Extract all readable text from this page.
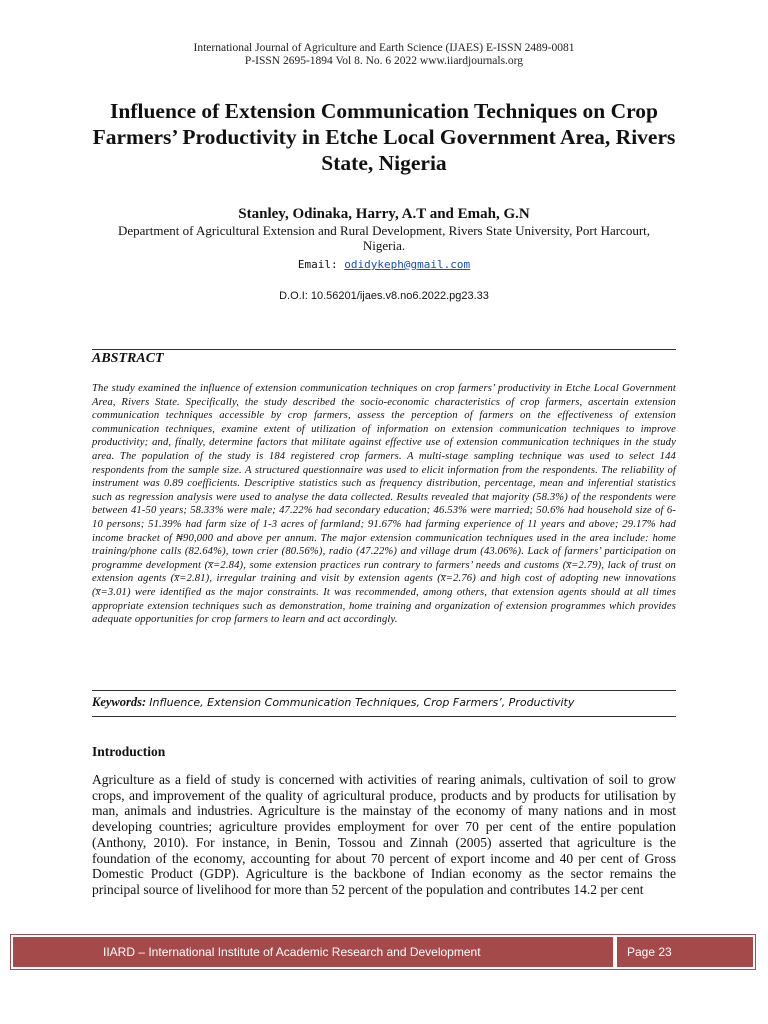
International Journal of Agriculture and Earth Science (IJAES) E-ISSN 2489-0081
P-ISSN 2695-1894 Vol 8. No. 6 2022 www.iiardjournals.org
Influence of Extension Communication Techniques on Crop Farmers’ Productivity in Etche Local Government Area, Rivers State, Nigeria
Stanley, Odinaka, Harry, A.T and Emah, G.N
Department of Agricultural Extension and Rural Development, Rivers State University, Port Harcourt, Nigeria.
Email: odidykeph@gmail.com
D.O.I: 10.56201/ijaes.v8.no6.2022.pg23.33
ABSTRACT

The study examined the influence of extension communication techniques on crop farmers’ productivity in Etche Local Government Area, Rivers State. Specifically, the study described the socio-economic characteristics of crop farmers, ascertain extension communication techniques accessible by crop farmers, assess the perception of farmers on the effectiveness of extension communication techniques, examine extent of utilization of information on extension communication techniques to improve productivity; and, finally, determine factors that militate against effective use of extension communication techniques in the study area. The population of the study is 184 registered crop farmers. A multi-stage sampling technique was used to select 144 respondents from the sample size. A structured questionnaire was used to elicit information from the respondents. The reliability of instrument was 0.89 coefficients. Descriptive statistics such as frequency distribution, percentage, mean and inferential statistics such as regression analysis were used to analyse the data collected. Results revealed that majority (58.3%) of the respondents were between 41-50 years; 58.33% were male; 47.22% had secondary education; 46.53% were married; 50.6% had household size of 6-10 persons; 51.39% had farm size of 1-3 acres of farmland; 91.67% had farming experience of 11 years and above; 29.17% had income bracket of ₦90,000 and above per annum. The major extension communication techniques used in the area include: home training/phone calls (82.64%), town crier (80.56%), radio (47.22%) and village drum (43.06%). Lack of farmers’ participation on programme development (x̅=2.84), some extension practices run contrary to farmers’ needs and customs (x̅=2.79), lack of trust on extension agents (x̅=2.81), irregular training and visit by extension agents (x̅=2.76) and high cost of adopting new innovations (x̅=3.01) were identified as the major constraints. It was recommended, among others, that extension agents should at all times appropriate extension techniques such as demonstration, home training and organization of extension programmes which provides adequate opportunities for crop farmers to learn and act accordingly.

Keywords: Influence, Extension Communication Techniques, Crop Farmers’, Productivity
Introduction

Agriculture as a field of study is concerned with activities of rearing animals, cultivation of soil to grow crops, and improvement of the quality of agricultural produce, products and by products for utilisation by man, animals and industries. Agriculture is the mainstay of the economy of many nations and in most developing countries; agriculture provides employment for over 70 per cent of the entire population (Anthony, 2010). For instance, in Benin, Tossou and Zinnah (2005) asserted that agriculture is the foundation of the economy, accounting for about 70 percent of export income and 40 per cent of Gross Domestic Product (GDP). Agriculture is the backbone of Indian economy as the sector remains the principal source of livelihood for more than 52 percent of the population and contributes 14.2 per cent

IIARD – International Institute of Academic Research and Development	Page 23
